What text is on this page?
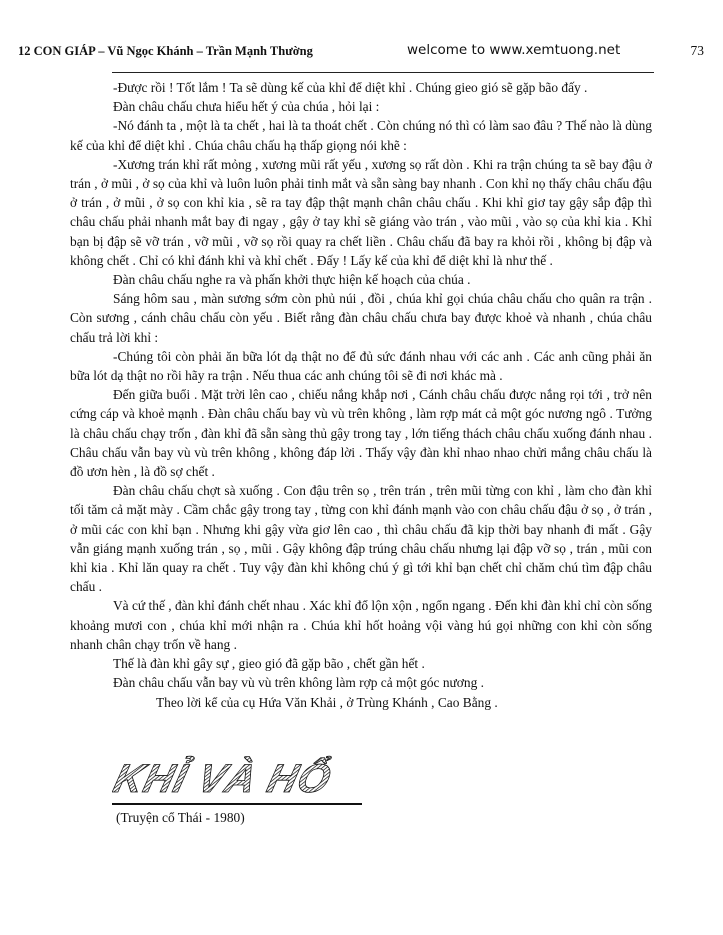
12 CON GIÁP – Vũ Ngọc Khánh – Trần Mạnh Thường	welcome to www.xemtuong.net	73

-Được rồi ! Tốt lắm ! Ta sẽ dùng kế của khỉ để diệt khỉ . Chúng gieo gió sẽ gặp bão đấy .

Đàn châu chấu chưa hiểu hết ý của chúa , hỏi lại :

-Nó đánh ta , một là ta chết , hai là ta thoát chết . Còn chúng nó thì có làm sao đâu ? Thế nào là dùng kế của khỉ để diệt khỉ . Chúa châu chấu hạ thấp giọng nói khẽ :

-Xương trán khỉ rất mỏng , xương mũi rất yếu , xương sọ rất dòn . Khi ra trận chúng ta sẽ bay đậu ở trán , ở mũi , ở sọ của khỉ và luôn luôn phải tinh mắt và sẵn sàng bay nhanh . Con khỉ nọ thấy châu chấu đậu ở trán , ở mũi , ở sọ con khỉ kia , sẽ ra tay đập thật mạnh chân châu chấu . Khi khỉ giơ tay gậy sắp đập thì châu chấu phải nhanh mắt bay đi ngay , gậy ở tay khỉ sẽ giáng vào trán , vào mũi , vào sọ của khỉ kia . Khỉ bạn bị đập sẽ vỡ trán , vỡ mũi , vỡ sọ rồi quay ra chết liền . Châu chấu đã bay ra khỏi rồi , không bị đập và không chết . Chỉ có khỉ đánh khỉ và khỉ chết . Đấy ! Lấy kế của khỉ để diệt khỉ là như thế .

Đàn châu chấu nghe ra và phấn khởi thực hiện kế hoạch của chúa .

Sáng hôm sau , màn sương sớm còn phủ núi , đồi , chúa khỉ gọi chúa châu chấu cho quân ra trận . Còn sương , cánh châu chấu còn yếu . Biết rằng đàn châu chấu chưa bay được khoẻ và nhanh , chúa châu chấu trả lời khỉ :

-Chúng tôi còn phải ăn bữa lót dạ thật no để đủ sức đánh nhau với các anh . Các anh cũng phải ăn bữa lót dạ thật no rồi hãy ra trận . Nếu thua các anh chúng tôi sẽ đi nơi khác mà .

Đến giữa buổi . Mặt trời lên cao , chiếu nắng khắp nơi , Cánh châu chấu được nắng rọi tới , trở nên cứng cáp và khoẻ mạnh . Đàn châu chấu bay vù vù trên không , làm rợp mát cả một góc nương ngô . Tưởng là châu chấu chạy trốn , đàn khỉ đã sẵn sàng thủ gậy trong tay , lớn tiếng thách châu chấu xuống đánh nhau . Châu chấu vẫn bay vù vù trên không , không đáp lời . Thấy vậy đàn khỉ nhao nhao chửi mắng châu chấu là đồ ươn hèn , là đồ sợ chết .

Đàn châu chấu chợt sà xuống . Con đậu trên sọ , trên trán , trên mũi từng con khỉ , làm cho đàn khỉ tối tăm cả mặt mày . Cầm chắc gậy trong tay , từng con khỉ đánh mạnh vào con châu chấu đậu ở sọ , ở trán , ở mũi các con khỉ bạn . Nhưng khi gậy vừa giơ lên cao , thì châu chấu đã kịp thời bay nhanh đi mất . Gậy vẫn giáng mạnh xuống trán , sọ , mũi . Gậy không đập trúng châu chấu nhưng lại đập vỡ sọ , trán , mũi con khỉ kia . Khỉ lăn quay ra chết . Tuy vậy đàn khỉ không chú ý gì tới khỉ bạn chết chỉ chăm chú tìm đập châu chấu .

Và cứ thế , đàn khỉ đánh chết nhau . Xác khỉ đổ lộn xộn , ngổn ngang . Đến khi đàn khỉ chỉ còn sống khoảng mươi con , chúa khỉ mới nhận ra . Chúa khỉ hốt hoảng vội vàng hú gọi những con khỉ còn sống nhanh chân chạy trốn về hang .

Thế là đàn khỉ gây sự , gieo gió đã gặp bão , chết gần hết .

Đàn châu chấu vẫn bay vù vù trên không làm rợp cả một góc nương .

Theo lời kể của cụ Hứa Văn Khải , ở Trùng Khánh , Cao Bằng .

KHỈ VÀ HỔ
(Truyện cổ Thái - 1980)
